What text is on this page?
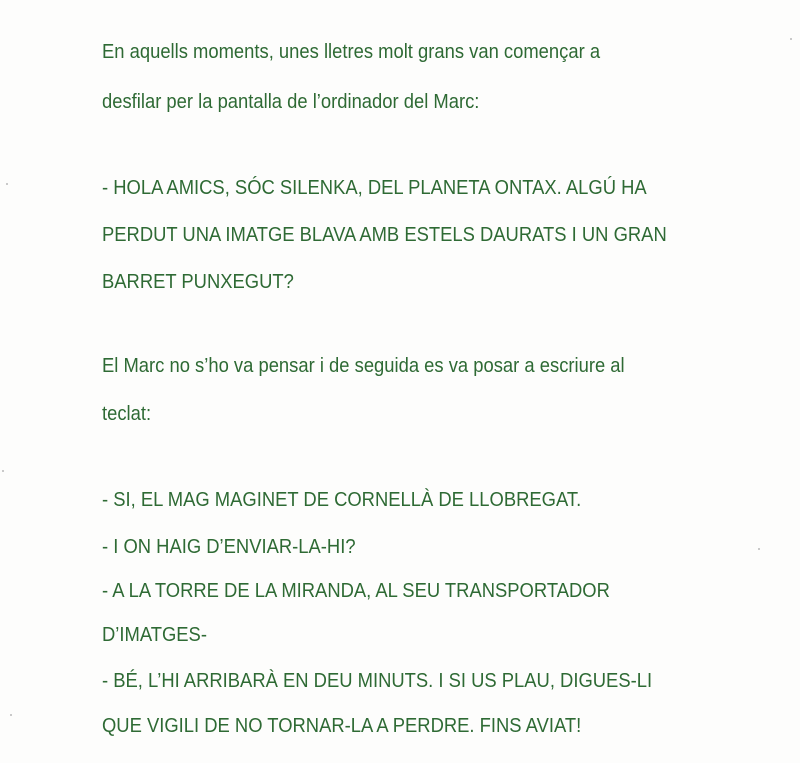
En aquells moments, unes lletres molt grans van començar a
desfilar per la pantalla de l’ordinador del Marc:
- HOLA AMICS, SÓC SILENKA, DEL PLANETA ONTAX. ALGÚ HA
PERDUT UNA IMATGE BLAVA AMB ESTELS DAURATS I UN GRAN
BARRET PUNXEGUT?
El Marc no s’ho va pensar i de seguida es va posar a escriure al
teclat:
- SI, EL MAG MAGINET DE CORNELLÀ DE LLOBREGAT.
- I ON HAIG D’ENVIAR-LA-HI?
- A LA TORRE DE LA MIRANDA, AL SEU TRANSPORTADOR
D’IMATGES-
- BÉ, L’HI ARRIBARÀ EN DEU MINUTS. I SI US PLAU, DIGUES-LI
QUE VIGILI DE NO TORNAR-LA A PERDRE. FINS AVIAT!
